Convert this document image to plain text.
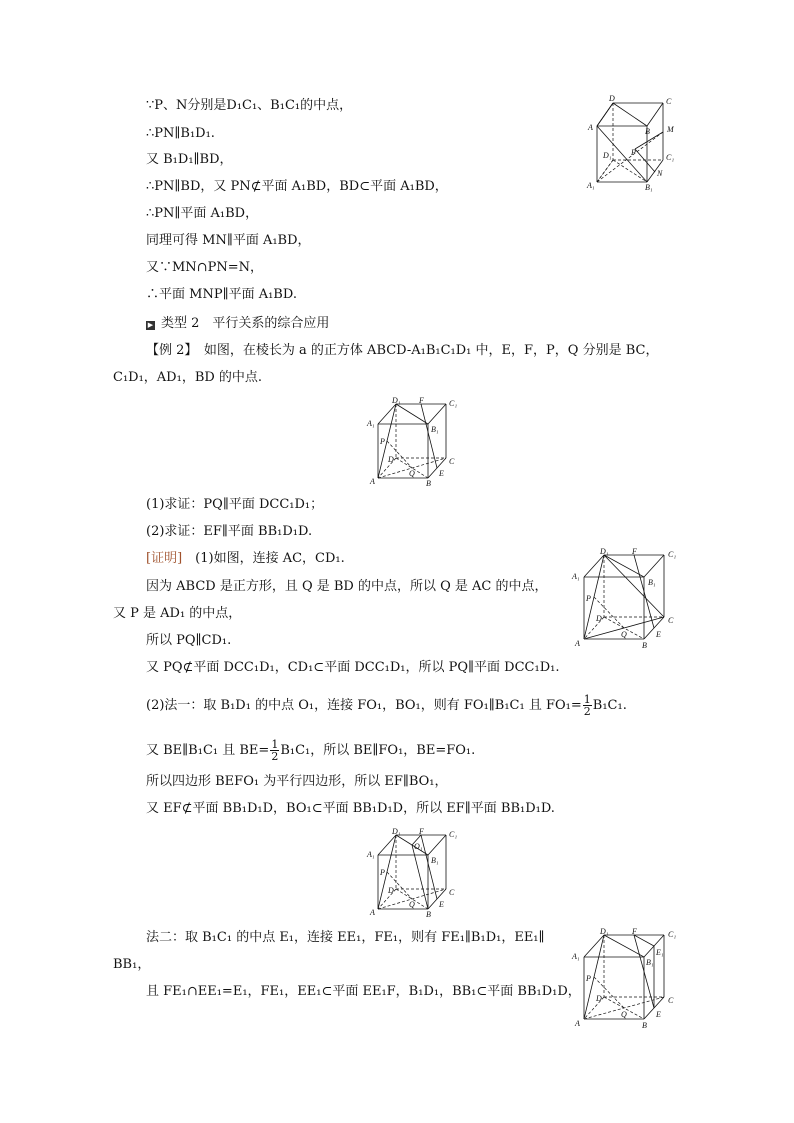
∵P、N分别是D₁C₁、B₁C₁的中点，
∴PN∥B₁D₁.
又 B₁D₁∥BD，
∴PN∥BD，又 PN⊄平面 A₁BD，BD⊂平面 A₁BD，
∴PN∥平面 A₁BD，
同理可得 MN∥平面 A₁BD，
又∵MN∩PN=N，
∴平面 MNP∥平面 A₁BD.
D	C
A	B M
P
C₁
D₁
A₁
N
B₁
▶ 类型 2　平行关系的综合应用
【例 2】　如图，在棱长为 a 的正方体 ABCD-A₁B₁C₁D₁ 中，E，F，P，Q 分别是 BC，
C₁D₁，AD₁，BD 的中点.
D₁ F	C₁
A₁
B₁
P
D	C
Q	E
A	B
(1)求证：PQ∥平面 DCC₁D₁；
(2)求证：EF∥平面 BB₁D₁D.
[证明]　 (1)如图，连接 AC，CD₁.
因为 ABCD 是正方形，且 Q 是 BD 的中点，所以 Q 是 AC 的中点，
又 P 是 AD₁ 的中点，
所以 PQ∥CD₁.
又 PQ⊄平面 DCC₁D₁，CD₁⊂平面 DCC₁D₁，所以 PQ∥平面 DCC₁D₁.
D₁	F	C₁
A₁
B₁
P
D	C
Q	E
A	B
(2)法一：取 B₁D₁ 的中点 O₁，连接 FO₁，BO₁，则有 FO₁∥B₁C₁ 且 $FO_1= \frac{1}{2} B_1C_1$.
又 BE∥B₁C₁ 且 $BE= \frac{1}{2} B_1C_1$，所以 BE∥FO₁，BE=FO₁.
所以四边形 BEFO₁ 为平行四边形，所以 EF∥BO₁，
又 EF⊄平面 BB₁D₁D，BO₁⊂平面 BB₁D₁D，所以 EF∥平面 BB₁D₁D.
D₁ F	C₁
A₁
O₁
B₁
P
D	C
Q	E
A	B
法二：取 B₁C₁ 的中点 E₁，连接 EE₁，FE₁，则有 FE₁∥B₁D₁，EE₁∥
BB₁，
且 FE₁∩EE₁=E₁，FE₁，EE₁⊂平面 EE₁F，B₁D₁，BB₁⊂平面 BB₁D₁D，
D₁	F	C₁
A₁
B₁
P
E₁
D	C
Q	E
A	B
